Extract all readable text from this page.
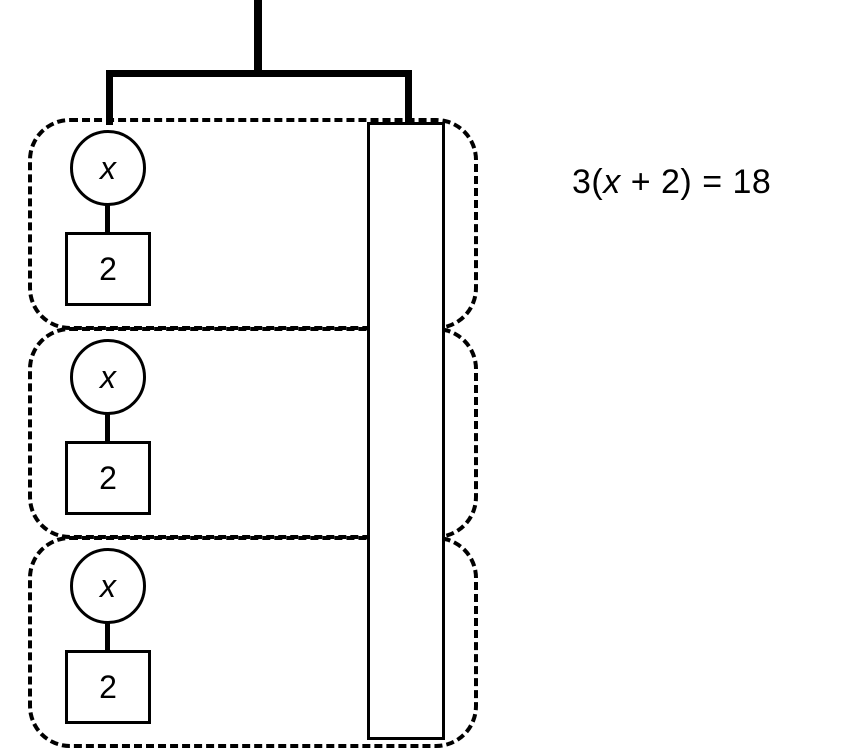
x
2
x
2
x
2
3(x + 2) = 18
